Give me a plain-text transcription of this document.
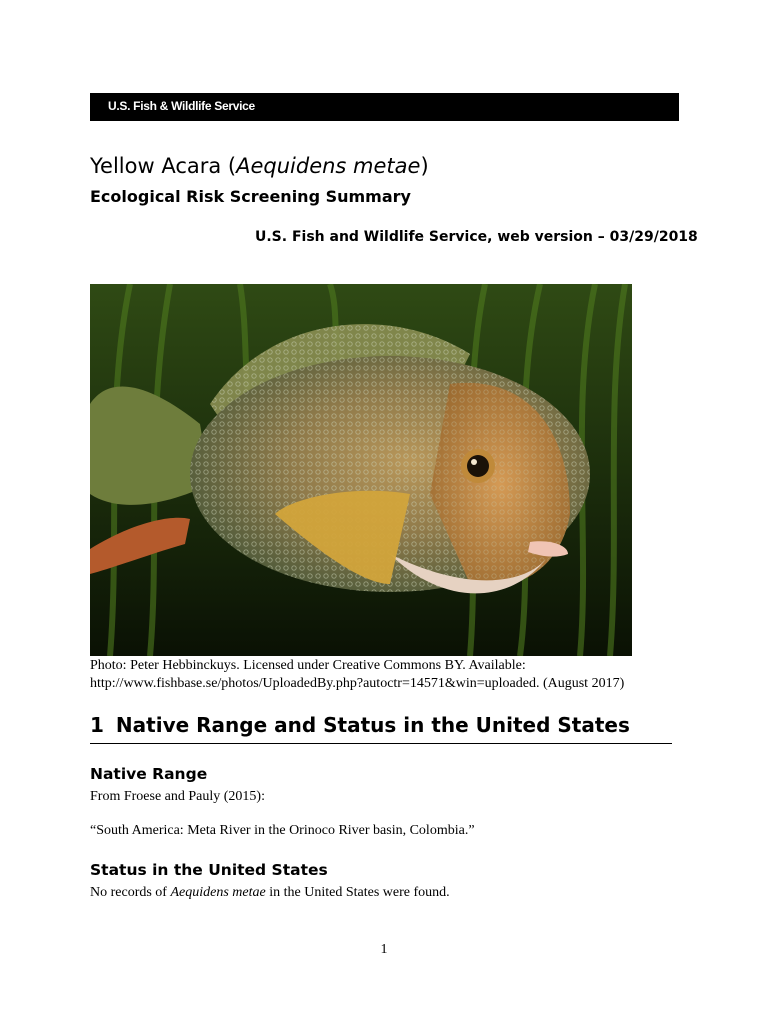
U.S. Fish & Wildlife Service
Yellow Acara (Aequidens metae)
Ecological Risk Screening Summary
U.S. Fish and Wildlife Service, web version – 03/29/2018
Photo: Peter Hebbinckuys. Licensed under Creative Commons BY. Available:
http://www.fishbase.se/photos/UploadedBy.php?autoctr=14571&win=uploaded. (August 2017)
1 Native Range and Status in the United States
Native Range
From Froese and Pauly (2015):
“South America: Meta River in the Orinoco River basin, Colombia.”
Status in the United States
No records of Aequidens metae in the United States were found.
1
